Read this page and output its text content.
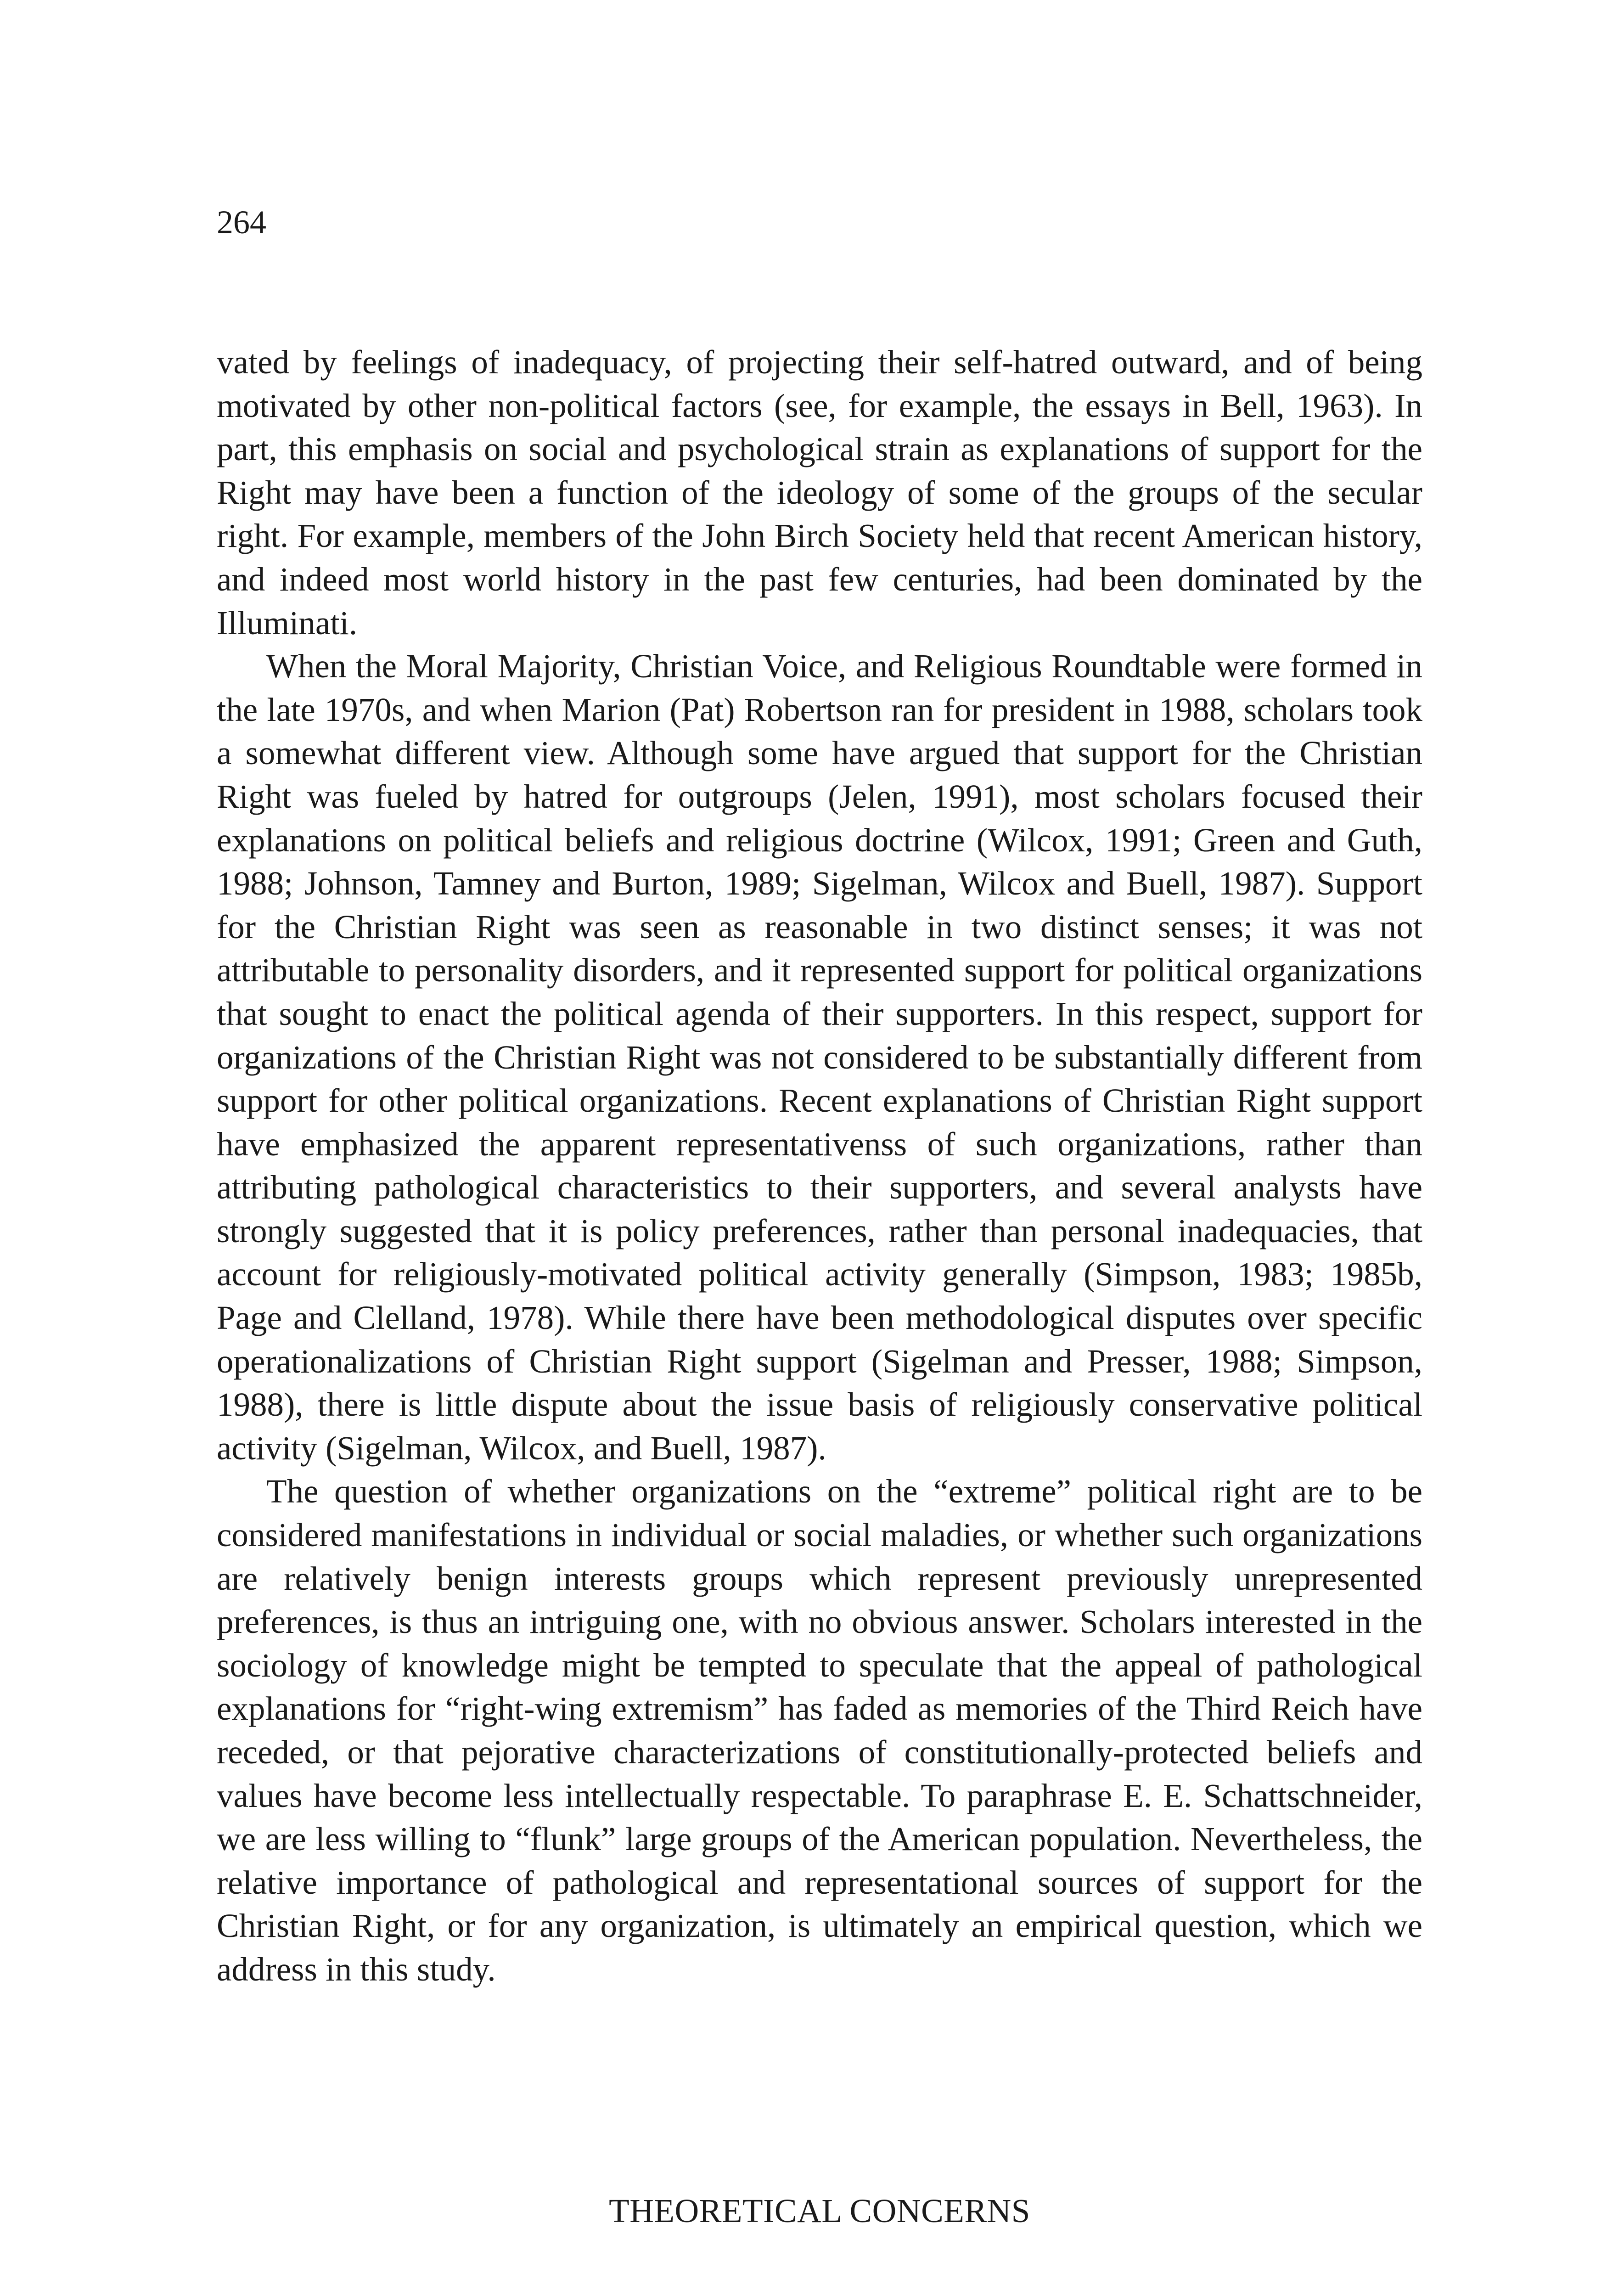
264

vated by feelings of inadequacy, of projecting their self-hatred outward, and of being motivated by other non-political factors (see, for example, the essays in Bell, 1963). In part, this emphasis on social and psychological strain as explanations of support for the Right may have been a function of the ideology of some of the groups of the secular right. For example, members of the John Birch Society held that recent American history, and indeed most world history in the past few centuries, had been dominated by the Illuminati.

When the Moral Majority, Christian Voice, and Religious Roundtable were formed in the late 1970s, and when Marion (Pat) Robertson ran for president in 1988, scholars took a somewhat different view. Although some have argued that support for the Christian Right was fueled by hatred for outgroups (Jelen, 1991), most scholars focused their explanations on political beliefs and religious doctrine (Wilcox, 1991; Green and Guth, 1988; Johnson, Tamney and Burton, 1989; Sigelman, Wilcox and Buell, 1987). Support for the Christian Right was seen as reasonable in two distinct senses; it was not attributable to personality disorders, and it represented support for political organizations that sought to enact the political agenda of their supporters. In this respect, support for organizations of the Christian Right was not considered to be substantially different from support for other political organizations. Recent explanations of Christian Right support have emphasized the apparent representativenss of such organizations, rather than attributing pathological characteristics to their supporters, and several analysts have strongly suggested that it is policy preferences, rather than personal inadequacies, that account for religiously-motivated political activity generally (Simpson, 1983; 1985b, Page and Clelland, 1978). While there have been methodological disputes over specific operationalizations of Christian Right support (Sigelman and Presser, 1988; Simpson, 1988), there is little dispute about the issue basis of religiously conservative political activity (Sigelman, Wilcox, and Buell, 1987).

The question of whether organizations on the “extreme” political right are to be considered manifestations in individual or social maladies, or whether such organizations are relatively benign interests groups which represent previously unrepresented preferences, is thus an intriguing one, with no obvious answer. Scholars interested in the sociology of knowledge might be tempted to speculate that the appeal of pathological explanations for “right-wing extremism” has faded as memories of the Third Reich have receded, or that pejorative characterizations of constitutionally-protected beliefs and values have become less intellectually respectable. To paraphrase E. E. Schattschneider, we are less willing to “flunk” large groups of the American population. Nevertheless, the relative importance of pathological and representational sources of support for the Christian Right, or for any organization, is ultimately an empirical question, which we address in this study.

THEORETICAL CONCERNS
